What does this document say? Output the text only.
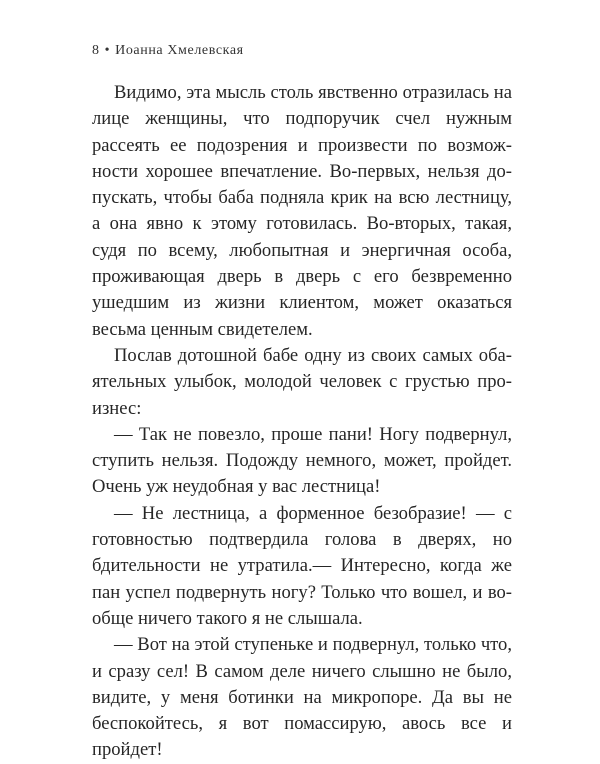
8 • Иоанна Хмелевская

Видимо, эта мысль столь явственно отразилась на лице женщины, что подпоручик счел нужным рассеять ее подозрения и произвести по возможности хорошее впечатление. Во-первых, нельзя допускать, чтобы баба подняла крик на всю лестницу, а она явно к этому готовилась. Во-вторых, такая, судя по всему, любопытная и энергичная особа, проживающая дверь в дверь с его безвременно ушедшим из жизни клиентом, может оказаться весьма ценным свидетелем.

Послав дотошной бабе одну из своих самых обаятельных улыбок, молодой человек с грустью произнес:

— Так не повезло, проше пани! Ногу подвернул, ступить нельзя. Подожду немного, может, пройдет. Очень уж неудобная у вас лестница!

— Не лестница, а форменное безобразие! — с готовностью подтвердила голова в дверях, но бдительности не утратила.— Интересно, когда же пан успел подвернуть ногу? Только что вошел, и вообще ничего такого я не слышала.

— Вот на этой ступеньке и подвернул, только что, и сразу сел! В самом деле ничего слышно не было, видите, у меня ботинки на микропоре. Да вы не беспокойтесь, я вот помассирую, авось все и пройдет!
